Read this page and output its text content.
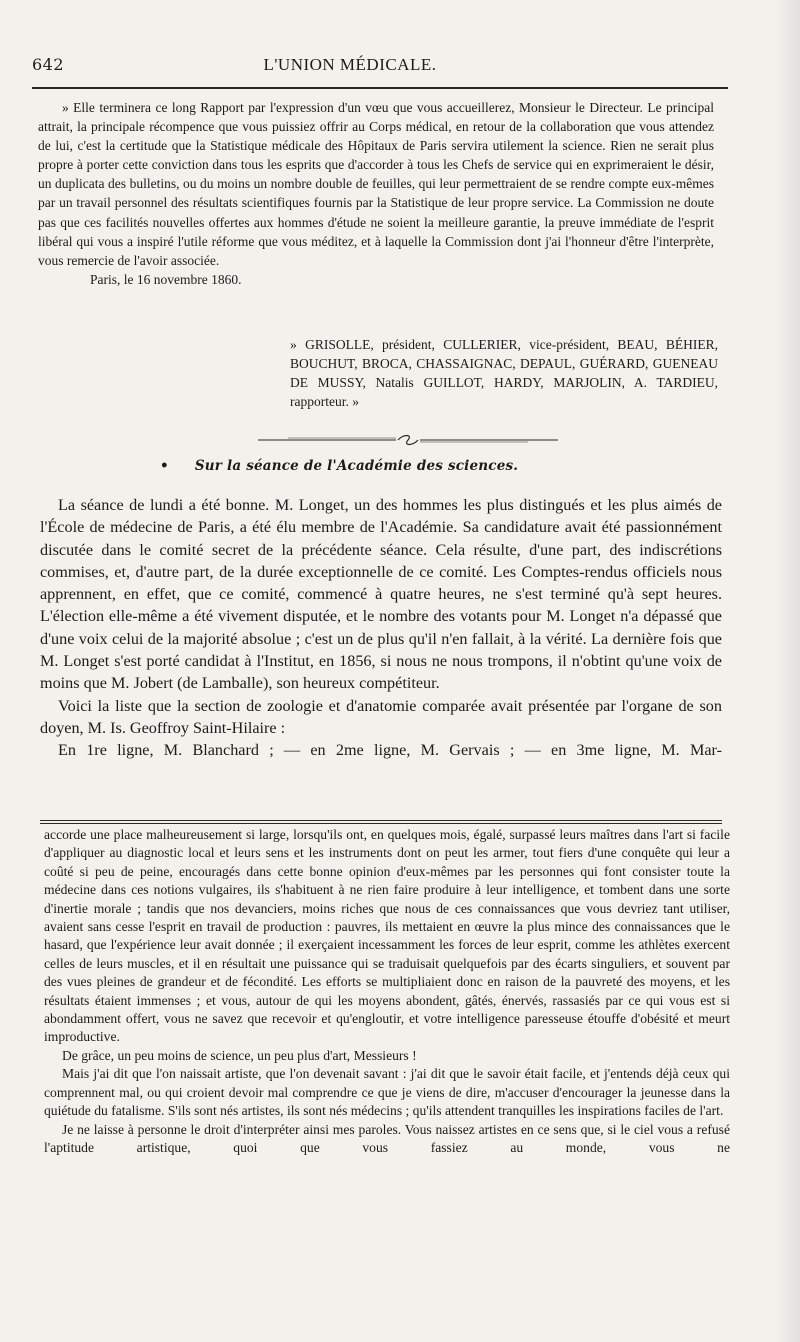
642	L'UNION MÉDICALE.

» Elle terminera ce long Rapport par l'expression d'un vœu que vous accueillerez, Monsieur le Directeur. Le principal attrait, la principale récompence que vous puissiez offrir au Corps médical, en retour de la collaboration que vous attendez de lui, c'est la certitude que la Statistique médicale des Hôpitaux de Paris servira utilement la science. Rien ne serait plus propre à porter cette conviction dans tous les esprits que d'accorder à tous les Chefs de service qui en exprimeraient le désir, un duplicata des bulletins, ou du moins un nombre double de feuilles, qui leur permettraient de se rendre compte eux-mêmes par un travail personnel des résultats scientifiques fournis par la Statistique de leur propre service. La Commission ne doute pas que ces facilités nouvelles offertes aux hommes d'étude ne soient la meilleure garantie, la preuve immédiate de l'esprit libéral qui vous a inspiré l'utile réforme que vous méditez, et à laquelle la Commission dont j'ai l'honneur d'être l'interprète, vous remercie de l'avoir associée.

Paris, le 16 novembre 1860.

» GRISOLLE, président, CULLERIER, vice-président, BEAU, BÉHIER, BOUCHUT, BROCA, CHASSAIGNAC, DEPAUL, GUÉRARD, GUENEAU DE MUSSY, Natalis GUILLOT, HARDY, MARJOLIN, A. TARDIEU, rapporteur. »
• Sur la séance de l'Académie des sciences.

La séance de lundi a été bonne. M. Longet, un des hommes les plus distingués et les plus aimés de l'École de médecine de Paris, a été élu membre de l'Académie. Sa candidature avait été passionnément discutée dans le comité secret de la précédente séance. Cela résulte, d'une part, des indiscrétions commises, et, d'autre part, de la durée exceptionnelle de ce comité. Les Comptes-rendus officiels nous apprennent, en effet, que ce comité, commencé à quatre heures, ne s'est terminé qu'à sept heures. L'élection elle-même a été vivement disputée, et le nombre des votants pour M. Longet n'a dépassé que d'une voix celui de la majorité absolue ; c'est un de plus qu'il n'en fallait, à la vérité. La dernière fois que M. Longet s'est porté candidat à l'Institut, en 1856, si nous ne nous trompons, il n'obtint qu'une voix de moins que M. Jobert (de Lamballe), son heureux compétiteur.

Voici la liste que la section de zoologie et d'anatomie comparée avait présentée par l'organe de son doyen, M. Is. Geoffroy Saint-Hilaire :

En 1re ligne, M. Blanchard ; — en 2me ligne, M. Gervais ; — en 3me ligne, M. Mar-

accorde une place malheureusement si large, lorsqu'ils ont, en quelques mois, égalé, surpassé leurs maîtres dans l'art si facile d'appliquer au diagnostic local et leurs sens et les instruments dont on peut les armer, tout fiers d'une conquête qui leur a coûté si peu de peine, encouragés dans cette bonne opinion d'eux-mêmes par les personnes qui font consister toute la médecine dans ces notions vulgaires, ils s'habituent à ne rien faire produire à leur intelligence, et tombent dans une sorte d'inertie morale ; tandis que nos devanciers, moins riches que nous de ces connaissances que vous devriez tant utiliser, avaient sans cesse l'esprit en travail de production : pauvres, ils mettaient en œuvre la plus mince des connaissances que le hasard, que l'expérience leur avait donnée ; il exerçaient incessamment les forces de leur esprit, comme les athlètes exercent celles de leurs muscles, et il en résultait une puissance qui se traduisait quelquefois par des écarts singuliers, et souvent par des vues pleines de grandeur et de fécondité. Les efforts se multipliaient donc en raison de la pauvreté des moyens, et les résultats étaient immenses ; et vous, autour de qui les moyens abondent, gâtés, énervés, rassasiés par ce qui vous est si abondamment offert, vous ne savez que recevoir et qu'engloutir, et votre intelligence paresseuse étouffe d'obésité et meurt improductive.

De grâce, un peu moins de science, un peu plus d'art, Messieurs !

Mais j'ai dit que l'on naissait artiste, que l'on devenait savant : j'ai dit que le savoir était facile, et j'entends déjà ceux qui comprennent mal, ou qui croient devoir mal comprendre ce que je viens de dire, m'accuser d'encourager la jeunesse dans la quiétude du fatalisme. S'ils sont nés artistes, ils sont nés médecins ; qu'ils attendent tranquilles les inspirations faciles de l'art.

Je ne laisse à personne le droit d'interpréter ainsi mes paroles. Vous naissez artistes en ce sens que, si le ciel vous a refusé l'aptitude artistique, quoi que vous fassiez au monde, vous ne
